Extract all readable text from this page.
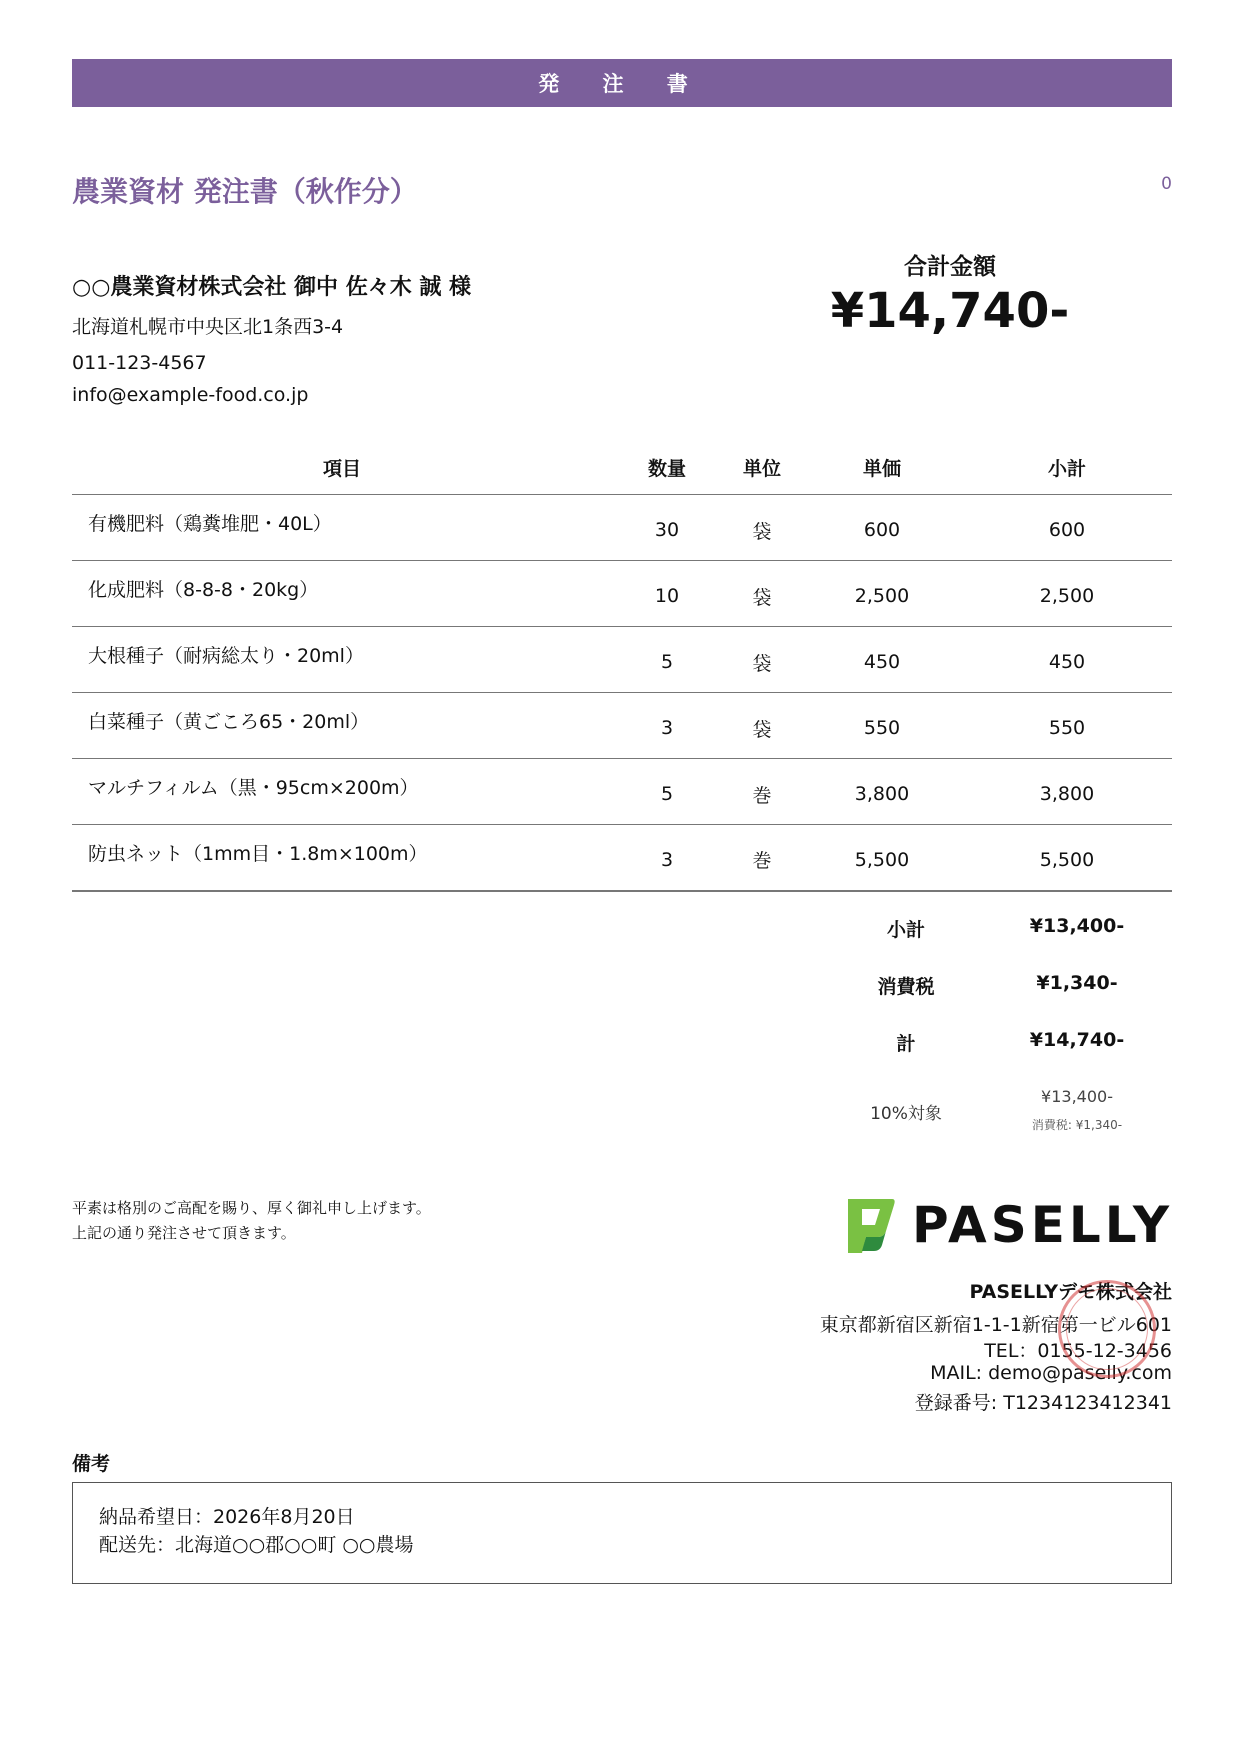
発 注 書
農業資材 発注書（秋作分）	0
○○農業資材株式会社 御中 佐々木 誠 様
北海道札幌市中央区北1条西3-4
011-123-4567
info@example-food.co.jp
合計金額
¥14,740-
項目	数量	単位	単価	小計
有機肥料（鶏糞堆肥・40L）	30	袋	600	600
化成肥料（8-8-8・20kg）	10	袋	2,500	2,500
大根種子（耐病総太り・20ml）	5	袋	450	450
白菜種子（黄ごころ65・20ml）	3	袋	550	550
マルチフィルム（黒・95cm×200m）	5	巻	3,800	3,800
防虫ネット（1mm目・1.8m×100m）	3	巻	5,500	5,500
小計	¥13,400-
消費税	¥1,340-
計	¥14,740-
10%対象
¥13,400-
消費税: ¥1,340-
平素は格別のご高配を賜り、厚く御礼申し上げます。
上記の通り発注させて頂きます。	PASELLY
PASELLYデモ株式会社
東京都新宿区新宿1-1-1新宿第一ビル601
TEL：0155-12-3456
MAIL: demo@paselly.com
登録番号: T1234123412341
備考
納品希望日：2026年8月20日
配送先：北海道○○郡○○町 ○○農場
